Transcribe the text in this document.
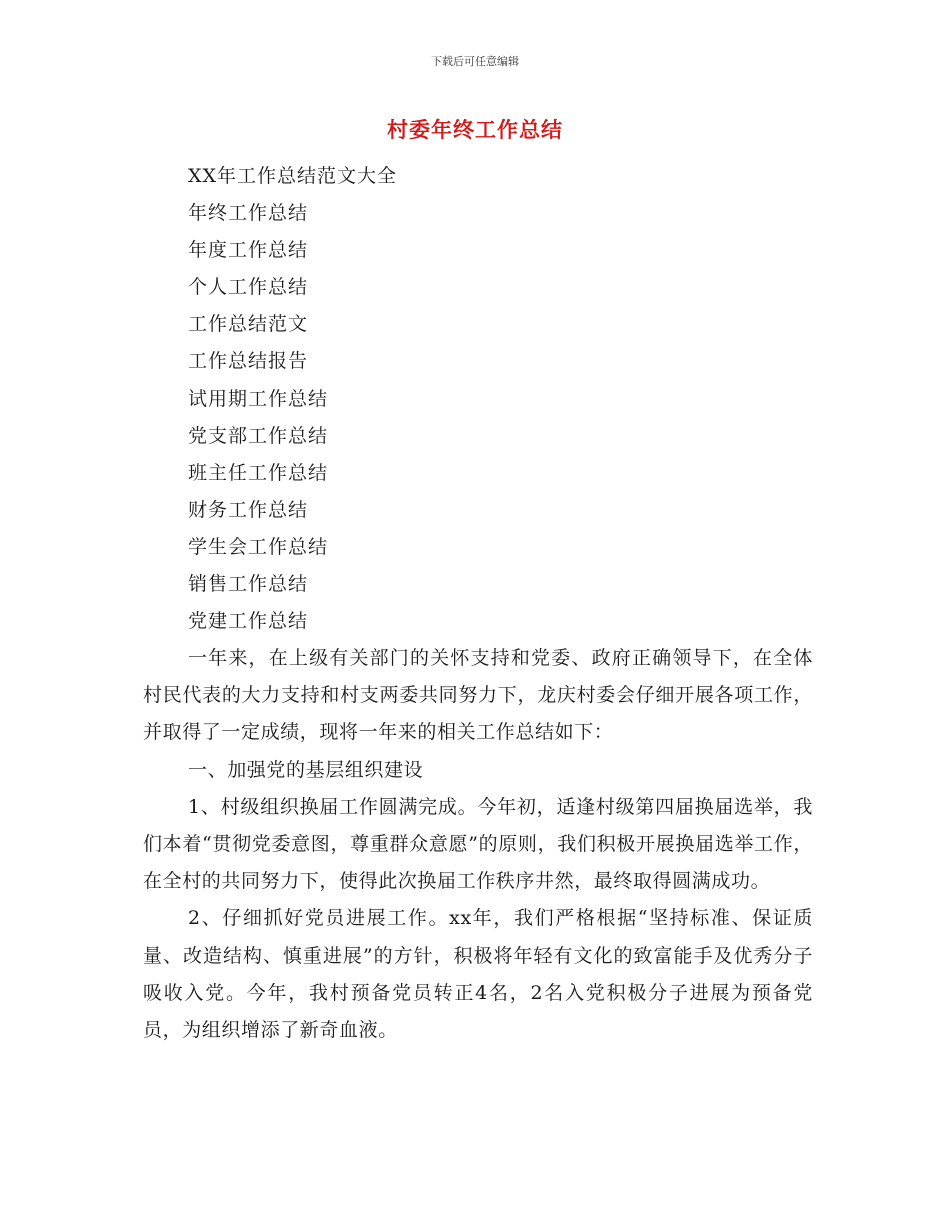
下载后可任意编辑
村委年终工作总结
XX年工作总结范文大全
年终工作总结
年度工作总结
个人工作总结
工作总结范文
工作总结报告
试用期工作总结
党支部工作总结
班主任工作总结
财务工作总结
学生会工作总结
销售工作总结
党建工作总结

一年来，在上级有关部门的关怀支持和党委、政府正确领导下，在全体村民代表的大力支持和村支两委共同努力下，龙庆村委会仔细开展各项工作，并取得了一定成绩，现将一年来的相关工作总结如下：

一、加强党的基层组织建设

1、村级组织换届工作圆满完成。今年初，适逢村级第四届换届选举，我们本着“贯彻党委意图，尊重群众意愿”的原则，我们积极开展换届选举工作，在全村的共同努力下，使得此次换届工作秩序井然，最终取得圆满成功。

2、仔细抓好党员进展工作。xx年，我们严格根据“坚持标准、保证质量、改造结构、慎重进展”的方针，积极将年轻有文化的致富能手及优秀分子吸收入党。今年，我村预备党员转正4名，2名入党积极分子进展为预备党员，为组织增添了新奇血液。
